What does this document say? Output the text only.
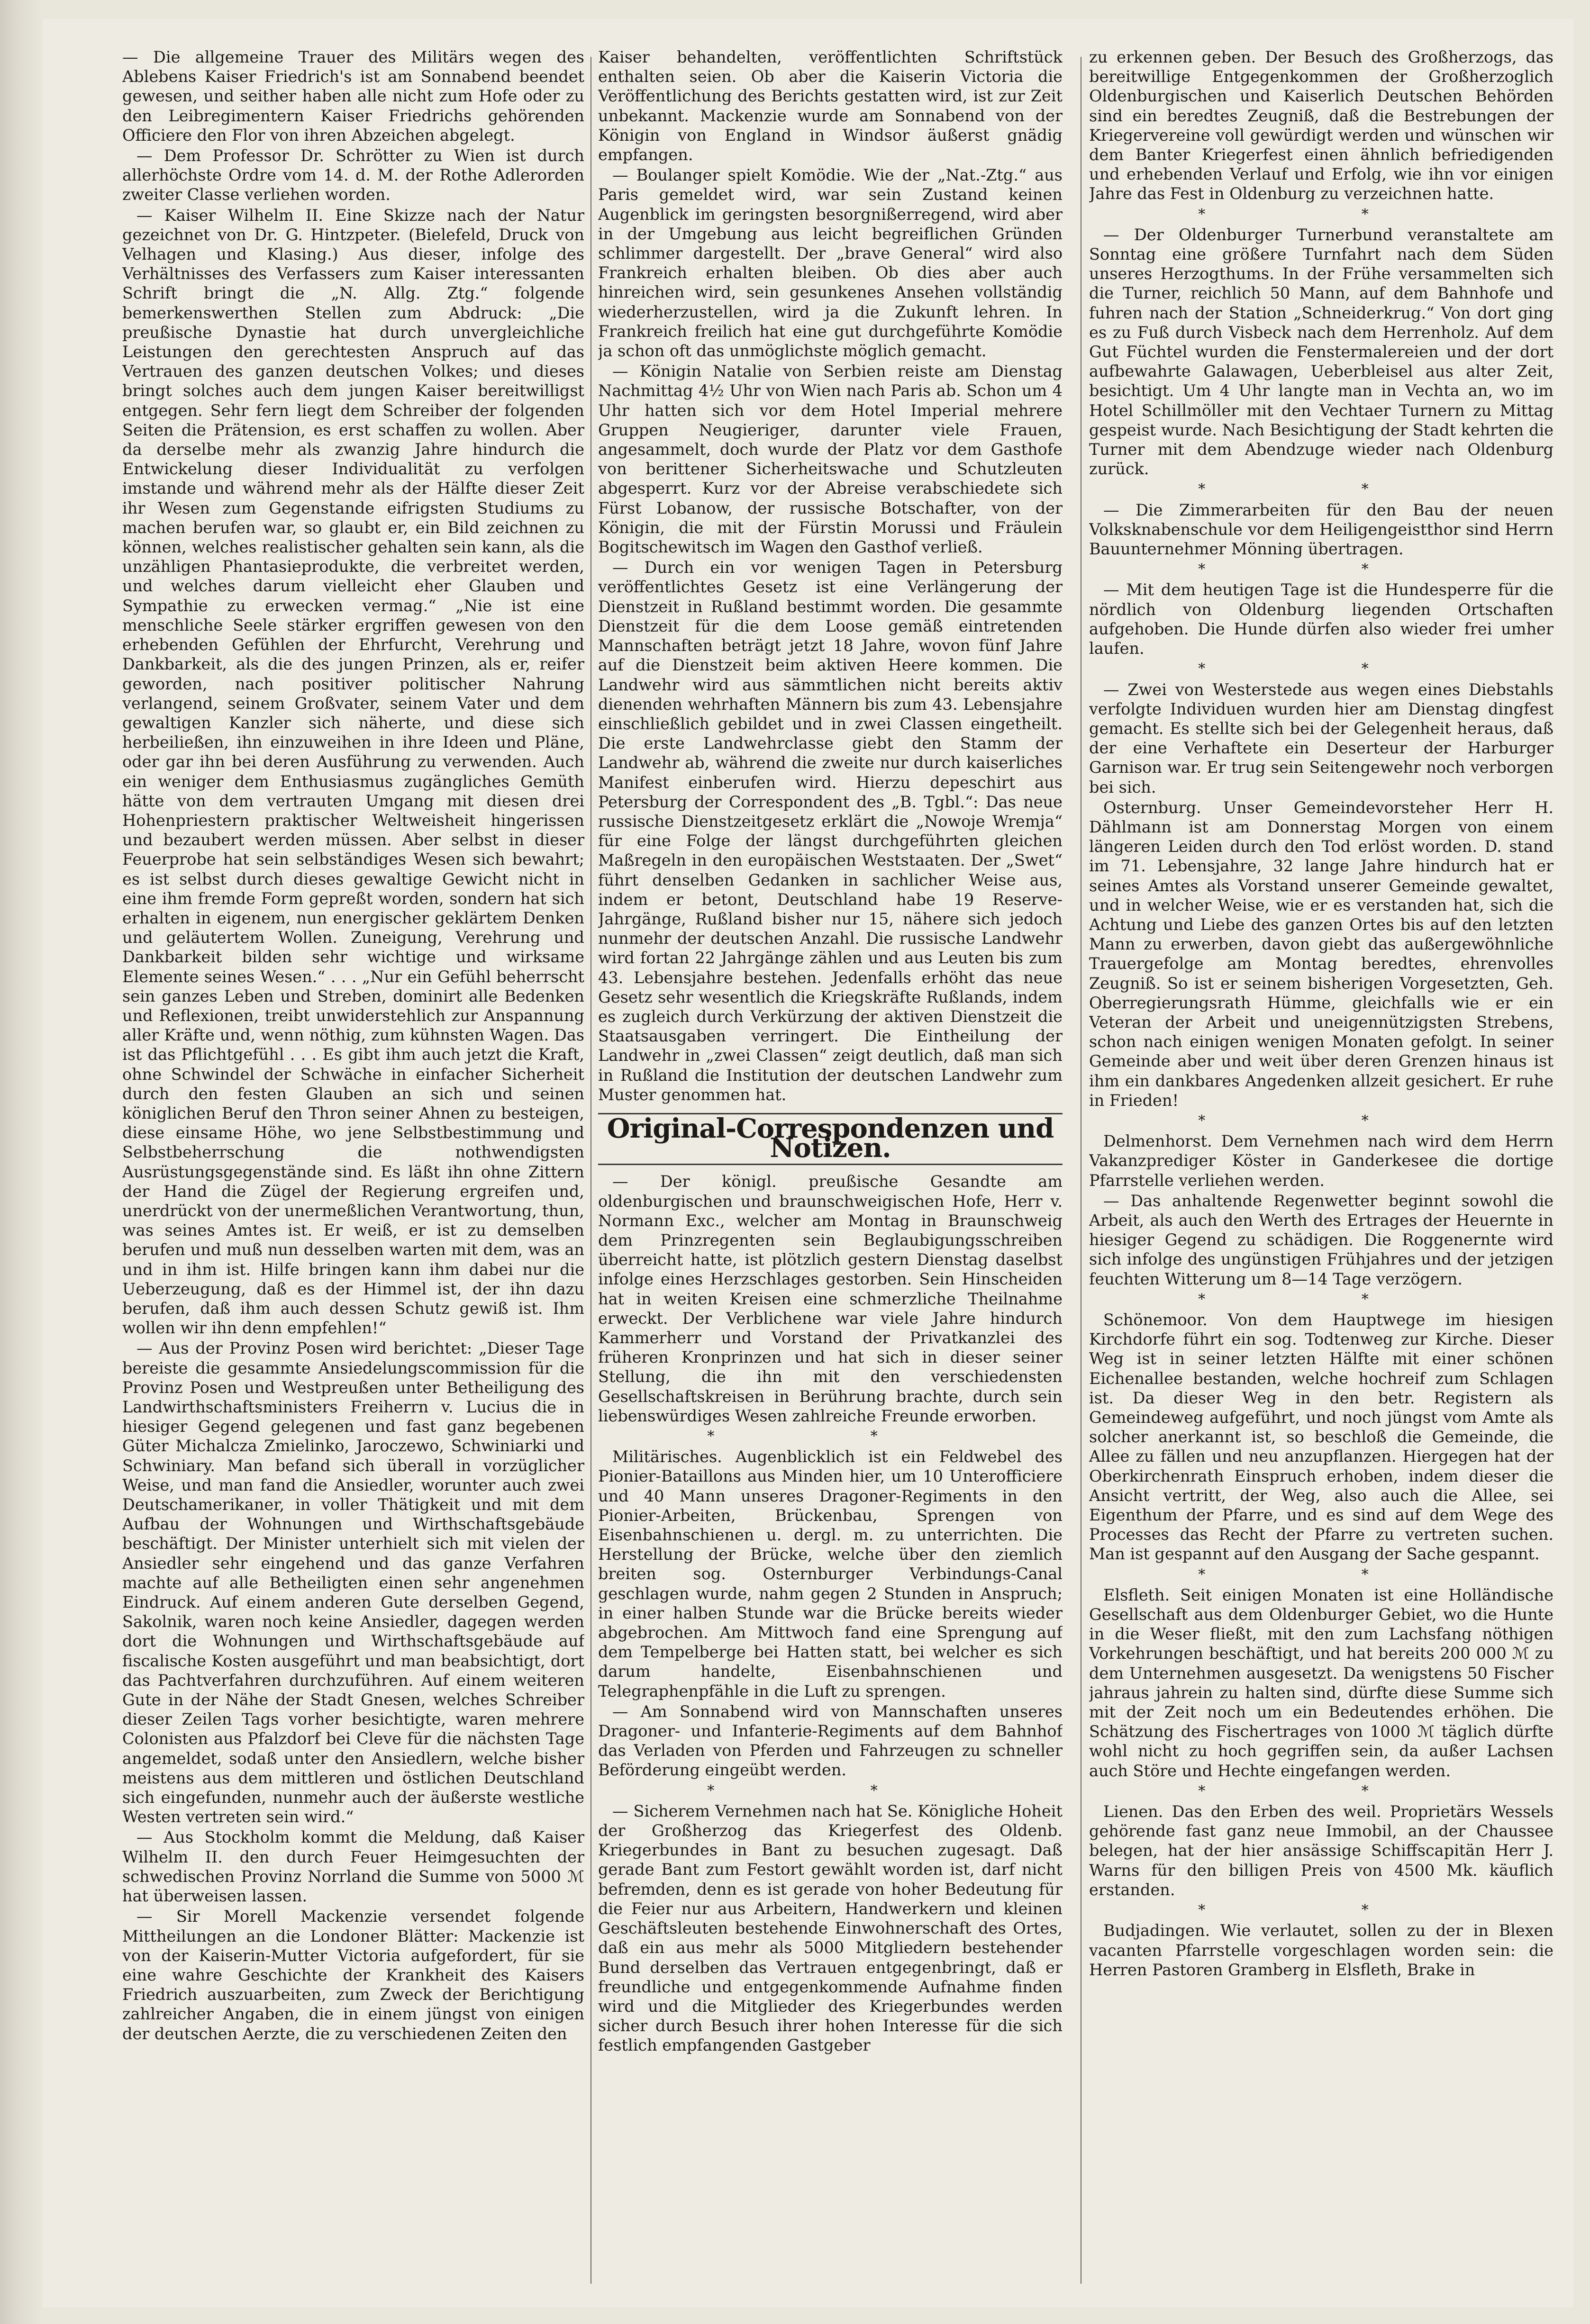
— Die allgemeine Trauer des Militärs wegen des Ablebens Kaiser Friedrich's ist am Sonnabend beendet gewesen, und seither haben alle nicht zum Hofe oder zu den Leibregimentern Kaiser Friedrichs gehörenden Officiere den Flor von ihren Abzeichen abgelegt.

— Dem Professor Dr. Schrötter zu Wien ist durch allerhöchste Ordre vom 14. d. M. der Rothe Adlerorden zweiter Classe verliehen worden.

— Kaiser Wilhelm II. Eine Skizze nach der Natur gezeichnet von Dr. G. Hintzpeter. (Bielefeld, Druck von Velhagen und Klasing.) Aus dieser, infolge des Verhältnisses des Verfassers zum Kaiser interessanten Schrift bringt die „N. Allg. Ztg.“ folgende bemerkenswerthen Stellen zum Abdruck: „Die preußische Dynastie hat durch unvergleichliche Leistungen den gerechtesten Anspruch auf das Vertrauen des ganzen deutschen Volkes; und dieses bringt solches auch dem jungen Kaiser bereitwilligst entgegen. Sehr fern liegt dem Schreiber der folgenden Seiten die Prätension, es erst schaffen zu wollen. Aber da derselbe mehr als zwanzig Jahre hindurch die Entwickelung dieser Individualität zu verfolgen imstande und während mehr als der Hälfte dieser Zeit ihr Wesen zum Gegenstande eifrigsten Studiums zu machen berufen war, so glaubt er, ein Bild zeichnen zu können, welches realistischer gehalten sein kann, als die unzähligen Phantasieprodukte, die verbreitet werden, und welches darum vielleicht eher Glauben und Sympathie zu erwecken vermag.“ „Nie ist eine menschliche Seele stärker ergriffen gewesen von den erhebenden Gefühlen der Ehrfurcht, Verehrung und Dankbarkeit, als die des jungen Prinzen, als er, reifer geworden, nach positiver politischer Nahrung verlangend, seinem Großvater, seinem Vater und dem gewaltigen Kanzler sich näherte, und diese sich herbeiließen, ihn einzuweihen in ihre Ideen und Pläne, oder gar ihn bei deren Ausführung zu verwenden. Auch ein weniger dem Enthusiasmus zugängliches Gemüth hätte von dem vertrauten Umgang mit diesen drei Hohenpriestern praktischer Weltweisheit hingerissen und bezaubert werden müssen. Aber selbst in dieser Feuerprobe hat sein selbständiges Wesen sich bewahrt; es ist selbst durch dieses gewaltige Gewicht nicht in eine ihm fremde Form gepreßt worden, sondern hat sich erhalten in eigenem, nun energischer geklärtem Denken und geläutertem Wollen. Zuneigung, Verehrung und Dankbarkeit bilden sehr wichtige und wirksame Elemente seines Wesen.“ . . . „Nur ein Gefühl beherrscht sein ganzes Leben und Streben, dominirt alle Bedenken und Reflexionen, treibt unwiderstehlich zur Anspannung aller Kräfte und, wenn nöthig, zum kühnsten Wagen. Das ist das Pflichtgefühl . . . Es gibt ihm auch jetzt die Kraft, ohne Schwindel der Schwäche in einfacher Sicherheit durch den festen Glauben an sich und seinen königlichen Beruf den Thron seiner Ahnen zu besteigen, diese einsame Höhe, wo jene Selbstbestimmung und Selbstbeherrschung die nothwendigsten Ausrüstungsgegenstände sind. Es läßt ihn ohne Zittern der Hand die Zügel der Regierung ergreifen und, unerdrückt von der unermeßlichen Verantwortung, thun, was seines Amtes ist. Er weiß, er ist zu demselben berufen und muß nun desselben warten mit dem, was an und in ihm ist. Hilfe bringen kann ihm dabei nur die Ueberzeugung, daß es der Himmel ist, der ihn dazu berufen, daß ihm auch dessen Schutz gewiß ist. Ihm wollen wir ihn denn empfehlen!“

— Aus der Provinz Posen wird berichtet: „Dieser Tage bereiste die gesammte Ansiedelungscommission für die Provinz Posen und Westpreußen unter Betheiligung des Landwirthschaftsministers Freiherrn v. Lucius die in hiesiger Gegend gelegenen und fast ganz begebenen Güter Michalcza Zmielinko, Jaroczewo, Schwiniarki und Schwiniary. Man befand sich überall in vorzüglicher Weise, und man fand die Ansiedler, worunter auch zwei Deutschamerikaner, in voller Thätigkeit und mit dem Aufbau der Wohnungen und Wirthschaftsgebäude beschäftigt. Der Minister unterhielt sich mit vielen der Ansiedler sehr eingehend und das ganze Verfahren machte auf alle Betheiligten einen sehr angenehmen Eindruck. Auf einem anderen Gute derselben Gegend, Sakolnik, waren noch keine Ansiedler, dagegen werden dort die Wohnungen und Wirthschaftsgebäude auf fiscalische Kosten ausgeführt und man beabsichtigt, dort das Pachtverfahren durchzuführen. Auf einem weiteren Gute in der Nähe der Stadt Gnesen, welches Schreiber dieser Zeilen Tags vorher besichtigte, waren mehrere Colonisten aus Pfalzdorf bei Cleve für die nächsten Tage angemeldet, sodaß unter den Ansiedlern, welche bisher meistens aus dem mittleren und östlichen Deutschland sich eingefunden, nunmehr auch der äußerste westliche Westen vertreten sein wird.“

— Aus Stockholm kommt die Meldung, daß Kaiser Wilhelm II. den durch Feuer Heimgesuchten der schwedischen Provinz Norrland die Summe von 5000 ℳ hat überweisen lassen.

— Sir Morell Mackenzie versendet folgende Mittheilungen an die Londoner Blätter: Mackenzie ist von der Kaiserin-Mutter Victoria aufgefordert, für sie eine wahre Geschichte der Krankheit des Kaisers Friedrich auszuarbeiten, zum Zweck der Berichtigung zahlreicher Angaben, die in einem jüngst von einigen der deutschen Aerzte, die zu verschiedenen Zeiten den

Kaiser behandelten, veröffentlichten Schriftstück enthalten seien. Ob aber die Kaiserin Victoria die Veröffentlichung des Berichts gestatten wird, ist zur Zeit unbekannt. Mackenzie wurde am Sonnabend von der Königin von England in Windsor äußerst gnädig empfangen.

— Boulanger spielt Komödie. Wie der „Nat.-Ztg.“ aus Paris gemeldet wird, war sein Zustand keinen Augenblick im geringsten besorgnißerregend, wird aber in der Umgebung aus leicht begreiflichen Gründen schlimmer dargestellt. Der „brave General“ wird also Frankreich erhalten bleiben. Ob dies aber auch hinreichen wird, sein gesunkenes Ansehen vollständig wiederherzustellen, wird ja die Zukunft lehren. In Frankreich freilich hat eine gut durchgeführte Komödie ja schon oft das unmöglichste möglich gemacht.

— Königin Natalie von Serbien reiste am Dienstag Nachmittag 4½ Uhr von Wien nach Paris ab. Schon um 4 Uhr hatten sich vor dem Hotel Imperial mehrere Gruppen Neugieriger, darunter viele Frauen, angesammelt, doch wurde der Platz vor dem Gasthofe von berittener Sicherheitswache und Schutzleuten abgesperrt. Kurz vor der Abreise verabschiedete sich Fürst Lobanow, der russische Botschafter, von der Königin, die mit der Fürstin Morussi und Fräulein Bogitschewitsch im Wagen den Gasthof verließ.

— Durch ein vor wenigen Tagen in Petersburg veröffentlichtes Gesetz ist eine Verlängerung der Dienstzeit in Rußland bestimmt worden. Die gesammte Dienstzeit für die dem Loose gemäß eintretenden Mannschaften beträgt jetzt 18 Jahre, wovon fünf Jahre auf die Dienstzeit beim aktiven Heere kommen. Die Landwehr wird aus sämmtlichen nicht bereits aktiv dienenden wehrhaften Männern bis zum 43. Lebensjahre einschließlich gebildet und in zwei Classen eingetheilt. Die erste Landwehrclasse giebt den Stamm der Landwehr ab, während die zweite nur durch kaiserliches Manifest einberufen wird. Hierzu depeschirt aus Petersburg der Correspondent des „B. Tgbl.“: Das neue russische Dienstzeitgesetz erklärt die „Nowoje Wremja“ für eine Folge der längst durchgeführten gleichen Maßregeln in den europäischen Weststaaten. Der „Swet“ führt denselben Gedanken in sachlicher Weise aus, indem er betont, Deutschland habe 19 Reserve-Jahrgänge, Rußland bisher nur 15, nähere sich jedoch nunmehr der deutschen Anzahl. Die russische Landwehr wird fortan 22 Jahrgänge zählen und aus Leuten bis zum 43. Lebensjahre bestehen. Jedenfalls erhöht das neue Gesetz sehr wesentlich die Kriegskräfte Rußlands, indem es zugleich durch Verkürzung der aktiven Dienstzeit die Staatsausgaben verringert. Die Eintheilung der Landwehr in „zwei Classen“ zeigt deutlich, daß man sich in Rußland die Institution der deutschen Landwehr zum Muster genommen hat.

Original-Correspondenzen und Notizen.

— Der königl. preußische Gesandte am oldenburgischen und braunschweigischen Hofe, Herr v. Normann Exc., welcher am Montag in Braunschweig dem Prinzregenten sein Beglaubigungsschreiben überreicht hatte, ist plötzlich gestern Dienstag daselbst infolge eines Herzschlages gestorben. Sein Hinscheiden hat in weiten Kreisen eine schmerzliche Theilnahme erweckt. Der Verblichene war viele Jahre hindurch Kammerherr und Vorstand der Privatkanzlei des früheren Kronprinzen und hat sich in dieser seiner Stellung, die ihn mit den verschiedensten Gesellschaftskreisen in Berührung brachte, durch sein liebenswürdiges Wesen zahlreiche Freunde erworben.

* *

Militärisches. Augenblicklich ist ein Feldwebel des Pionier-Bataillons aus Minden hier, um 10 Unterofficiere und 40 Mann unseres Dragoner-Regiments in den Pionier-Arbeiten, Brückenbau, Sprengen von Eisenbahnschienen u. dergl. m. zu unterrichten. Die Herstellung der Brücke, welche über den ziemlich breiten sog. Osternburger Verbindungs-Canal geschlagen wurde, nahm gegen 2 Stunden in Anspruch; in einer halben Stunde war die Brücke bereits wieder abgebrochen. Am Mittwoch fand eine Sprengung auf dem Tempelberge bei Hatten statt, bei welcher es sich darum handelte, Eisenbahnschienen und Telegraphenpfähle in die Luft zu sprengen.

— Am Sonnabend wird von Mannschaften unseres Dragoner- und Infanterie-Regiments auf dem Bahnhof das Verladen von Pferden und Fahrzeugen zu schneller Beförderung eingeübt werden.

* *

— Sicherem Vernehmen nach hat Se. Königliche Hoheit der Großherzog das Kriegerfest des Oldenb. Kriegerbundes in Bant zu besuchen zugesagt. Daß gerade Bant zum Festort gewählt worden ist, darf nicht befremden, denn es ist gerade von hoher Bedeutung für die Feier nur aus Arbeitern, Handwerkern und kleinen Geschäftsleuten bestehende Einwohnerschaft des Ortes, daß ein aus mehr als 5000 Mitgliedern bestehender Bund derselben das Vertrauen entgegenbringt, daß er freundliche und entgegenkommende Aufnahme finden wird und die Mitglieder des Kriegerbundes werden sicher durch Besuch ihrer hohen Interesse für die sich festlich empfangenden Gastgeber

zu erkennen geben. Der Besuch des Großherzogs, das bereitwillige Entgegenkommen der Großherzoglich Oldenburgischen und Kaiserlich Deutschen Behörden sind ein beredtes Zeugniß, daß die Bestrebungen der Kriegervereine voll gewürdigt werden und wünschen wir dem Banter Kriegerfest einen ähnlich befriedigenden und erhebenden Verlauf und Erfolg, wie ihn vor einigen Jahre das Fest in Oldenburg zu verzeichnen hatte.

* *

— Der Oldenburger Turnerbund veranstaltete am Sonntag eine größere Turnfahrt nach dem Süden unseres Herzogthums. In der Frühe versammelten sich die Turner, reichlich 50 Mann, auf dem Bahnhofe und fuhren nach der Station „Schneiderkrug.“ Von dort ging es zu Fuß durch Visbeck nach dem Herrenholz. Auf dem Gut Füchtel wurden die Fenstermalereien und der dort aufbewahrte Galawagen, Ueberbleisel aus alter Zeit, besichtigt. Um 4 Uhr langte man in Vechta an, wo im Hotel Schillmöller mit den Vechtaer Turnern zu Mittag gespeist wurde. Nach Besichtigung der Stadt kehrten die Turner mit dem Abendzuge wieder nach Oldenburg zurück.

* *

— Die Zimmerarbeiten für den Bau der neuen Volksknabenschule vor dem Heiligengeistthor sind Herrn Bauunternehmer Mönning übertragen.

* *

— Mit dem heutigen Tage ist die Hundesperre für die nördlich von Oldenburg liegenden Ortschaften aufgehoben. Die Hunde dürfen also wieder frei umher laufen.

* *

— Zwei von Westerstede aus wegen eines Diebstahls verfolgte Individuen wurden hier am Dienstag dingfest gemacht. Es stellte sich bei der Gelegenheit heraus, daß der eine Verhaftete ein Deserteur der Harburger Garnison war. Er trug sein Seitengewehr noch verborgen bei sich.

Osternburg. Unser Gemeindevorsteher Herr H. Dählmann ist am Donnerstag Morgen von einem längeren Leiden durch den Tod erlöst worden. D. stand im 71. Lebensjahre, 32 lange Jahre hindurch hat er seines Amtes als Vorstand unserer Gemeinde gewaltet, und in welcher Weise, wie er es verstanden hat, sich die Achtung und Liebe des ganzen Ortes bis auf den letzten Mann zu erwerben, davon giebt das außergewöhnliche Trauergefolge am Montag beredtes, ehrenvolles Zeugniß. So ist er seinem bisherigen Vorgesetzten, Geh. Oberregierungsrath Hümme, gleichfalls wie er ein Veteran der Arbeit und uneigennützigsten Strebens, schon nach einigen wenigen Monaten gefolgt. In seiner Gemeinde aber und weit über deren Grenzen hinaus ist ihm ein dankbares Angedenken allzeit gesichert. Er ruhe in Frieden!

* *

Delmenhorst. Dem Vernehmen nach wird dem Herrn Vakanzprediger Köster in Ganderkesee die dortige Pfarrstelle verliehen werden.

— Das anhaltende Regenwetter beginnt sowohl die Arbeit, als auch den Werth des Ertrages der Heuernte in hiesiger Gegend zu schädigen. Die Roggenernte wird sich infolge des ungünstigen Frühjahres und der jetzigen feuchten Witterung um 8—14 Tage verzögern.

* *

Schönemoor. Von dem Hauptwege im hiesigen Kirchdorfe führt ein sog. Todtenweg zur Kirche. Dieser Weg ist in seiner letzten Hälfte mit einer schönen Eichenallee bestanden, welche hochreif zum Schlagen ist. Da dieser Weg in den betr. Registern als Gemeindeweg aufgeführt, und noch jüngst vom Amte als solcher anerkannt ist, so beschloß die Gemeinde, die Allee zu fällen und neu anzupflanzen. Hiergegen hat der Oberkirchenrath Einspruch erhoben, indem dieser die Ansicht vertritt, der Weg, also auch die Allee, sei Eigenthum der Pfarre, und es sind auf dem Wege des Processes das Recht der Pfarre zu vertreten suchen. Man ist gespannt auf den Ausgang der Sache gespannt.

* *

Elsfleth. Seit einigen Monaten ist eine Holländische Gesellschaft aus dem Oldenburger Gebiet, wo die Hunte in die Weser fließt, mit den zum Lachsfang nöthigen Vorkehrungen beschäftigt, und hat bereits 200 000 ℳ zu dem Unternehmen ausgesetzt. Da wenigstens 50 Fischer jahraus jahrein zu halten sind, dürfte diese Summe sich mit der Zeit noch um ein Bedeutendes erhöhen. Die Schätzung des Fischertrages von 1000 ℳ täglich dürfte wohl nicht zu hoch gegriffen sein, da außer Lachsen auch Störe und Hechte eingefangen werden.

* *

Lienen. Das den Erben des weil. Proprietärs Wessels gehörende fast ganz neue Immobil, an der Chaussee belegen, hat der hier ansässige Schiffscapitän Herr J. Warns für den billigen Preis von 4500 Mk. käuflich erstanden.

* *

Budjadingen. Wie verlautet, sollen zu der in Blexen vacanten Pfarrstelle vorgeschlagen worden sein: die Herren Pastoren Gramberg in Elsfleth, Brake in
